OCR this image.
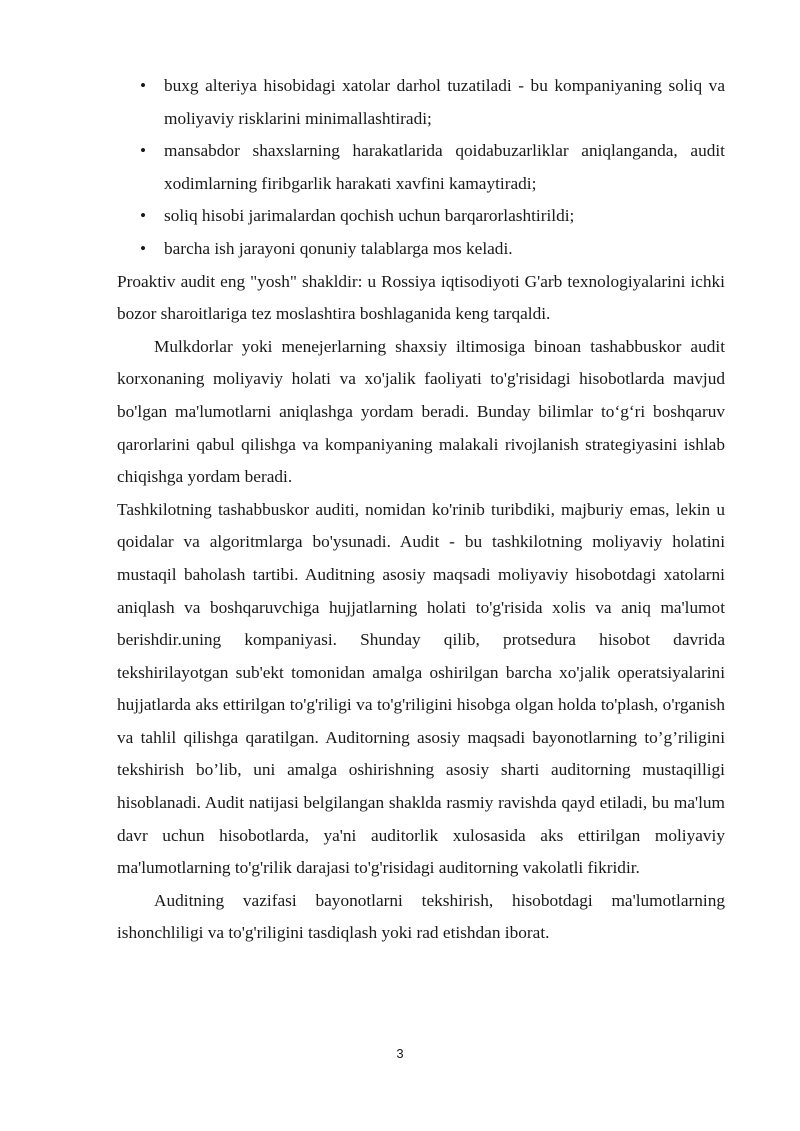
• buxg alteriya hisobidagi xatolar darhol tuzatiladi - bu kompaniyaning soliq va moliyaviy risklarini minimallashtiradi;
• mansabdor shaxslarning harakatlarida qoidabuzarliklar aniqlanganda, audit xodimlarning firibgarlik harakati xavfini kamaytiradi;
• soliq hisobi jarimalardan qochish uchun barqarorlashtirildi;
• barcha ish jarayoni qonuniy talablarga mos keladi.

Proaktiv audit eng "yosh" shakldir: u Rossiya iqtisodiyoti G'arb texnologiyalarini ichki bozor sharoitlariga tez moslashtira boshlaganida keng tarqaldi.

Mulkdorlar yoki menejerlarning shaxsiy iltimosiga binoan tashabbuskor audit korxonaning moliyaviy holati va xo'jalik faoliyati to'g'risidagi hisobotlarda mavjud bo'lgan ma'lumotlarni aniqlashga yordam beradi. Bunday bilimlar to‘g‘ri boshqaruv qarorlarini qabul qilishga va kompaniyaning malakali rivojlanish strategiyasini ishlab chiqishga yordam beradi.

Tashkilotning tashabbuskor auditi, nomidan ko'rinib turibdiki, majburiy emas, lekin u qoidalar va algoritmlarga bo'ysunadi. Audit - bu tashkilotning moliyaviy holatini mustaqil baholash tartibi. Auditning asosiy maqsadi moliyaviy hisobotdagi xatolarni aniqlash va boshqaruvchiga hujjatlarning holati to'g'risida xolis va aniq ma'lumot berishdir.uning kompaniyasi. Shunday qilib, protsedura hisobot davrida tekshirilayotgan sub'ekt tomonidan amalga oshirilgan barcha xo'jalik operatsiyalarini hujjatlarda aks ettirilgan to'g'riligi va to'g'riligini hisobga olgan holda to'plash, o'rganish va tahlil qilishga qaratilgan. Auditorning asosiy maqsadi bayonotlarning to’g’riligini tekshirish bo’lib, uni amalga oshirishning asosiy sharti auditorning mustaqilligi hisoblanadi. Audit natijasi belgilangan shaklda rasmiy ravishda qayd etiladi, bu ma'lum davr uchun hisobotlarda, ya'ni auditorlik xulosasida aks ettirilgan moliyaviy ma'lumotlarning to'g'rilik darajasi to'g'risidagi auditorning vakolatli fikridir.

Auditning vazifasi bayonotlarni tekshirish, hisobotdagi ma'lumotlarning ishonchliligi va to'g'riligini tasdiqlash yoki rad etishdan iborat.

3
